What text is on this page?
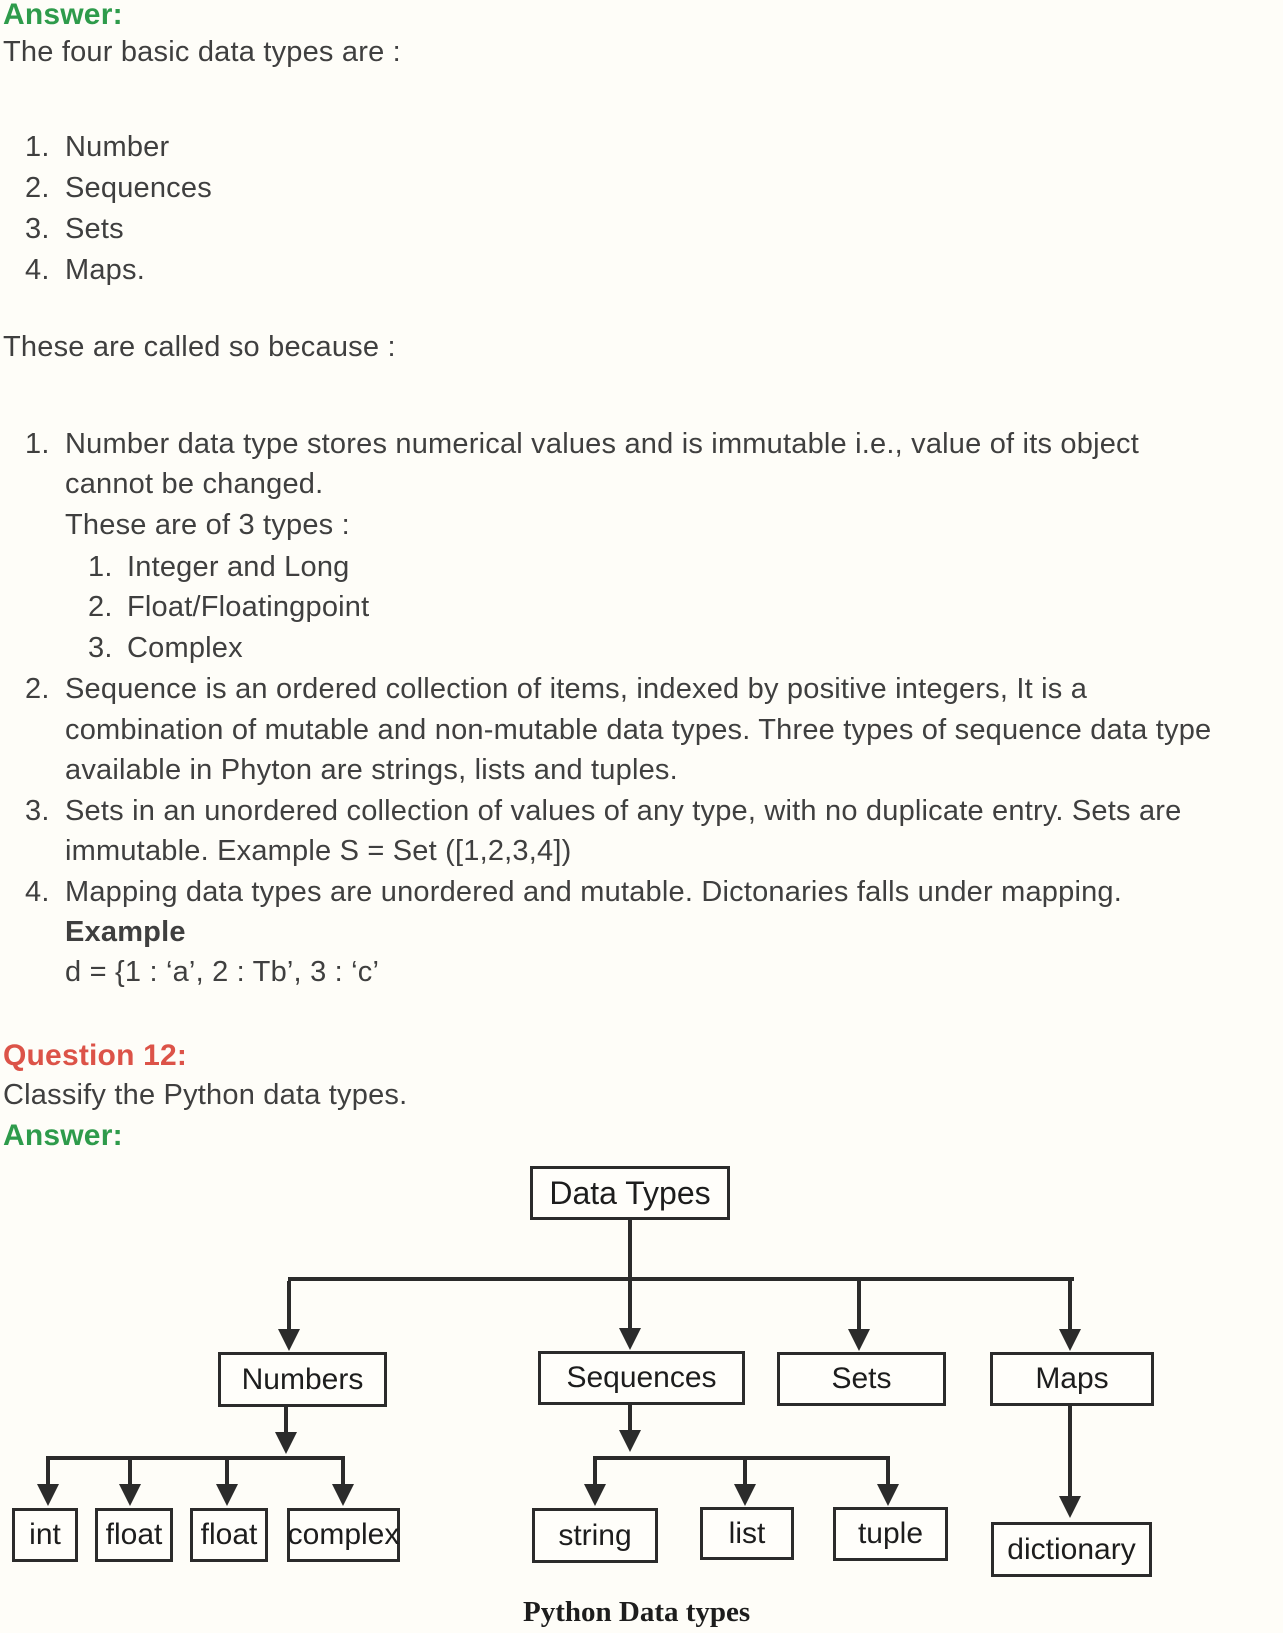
Answer:
The four basic data types are :
1. Number
2. Sequences
3. Sets
4. Maps.
These are called so because :
1. Number data type stores numerical values and is immutable i.e., value of its object
cannot be changed.
These are of 3 types :
1. Integer and Long
2. Float/Floatingpoint
3. Complex
2. Sequence is an ordered collection of items, indexed by positive integers, It is a
combination of mutable and non-mutable data types. Three types of sequence data type
available in Phyton are strings, lists and tuples.
3. Sets in an unordered collection of values of any type, with no duplicate entry. Sets are
immutable. Example S = Set ([1,2,3,4])
4. Mapping data types are unordered and mutable. Dictonaries falls under mapping.
Example
d = {1 : ‘a’, 2 : Tb’, 3 : ‘c’
Question 12:
Classify the Python data types.
Answer:
Data Types
Numbers	Sequences	Sets	Maps
int	float	float	complex	string	list	tuple	dictionary
Python Data types
